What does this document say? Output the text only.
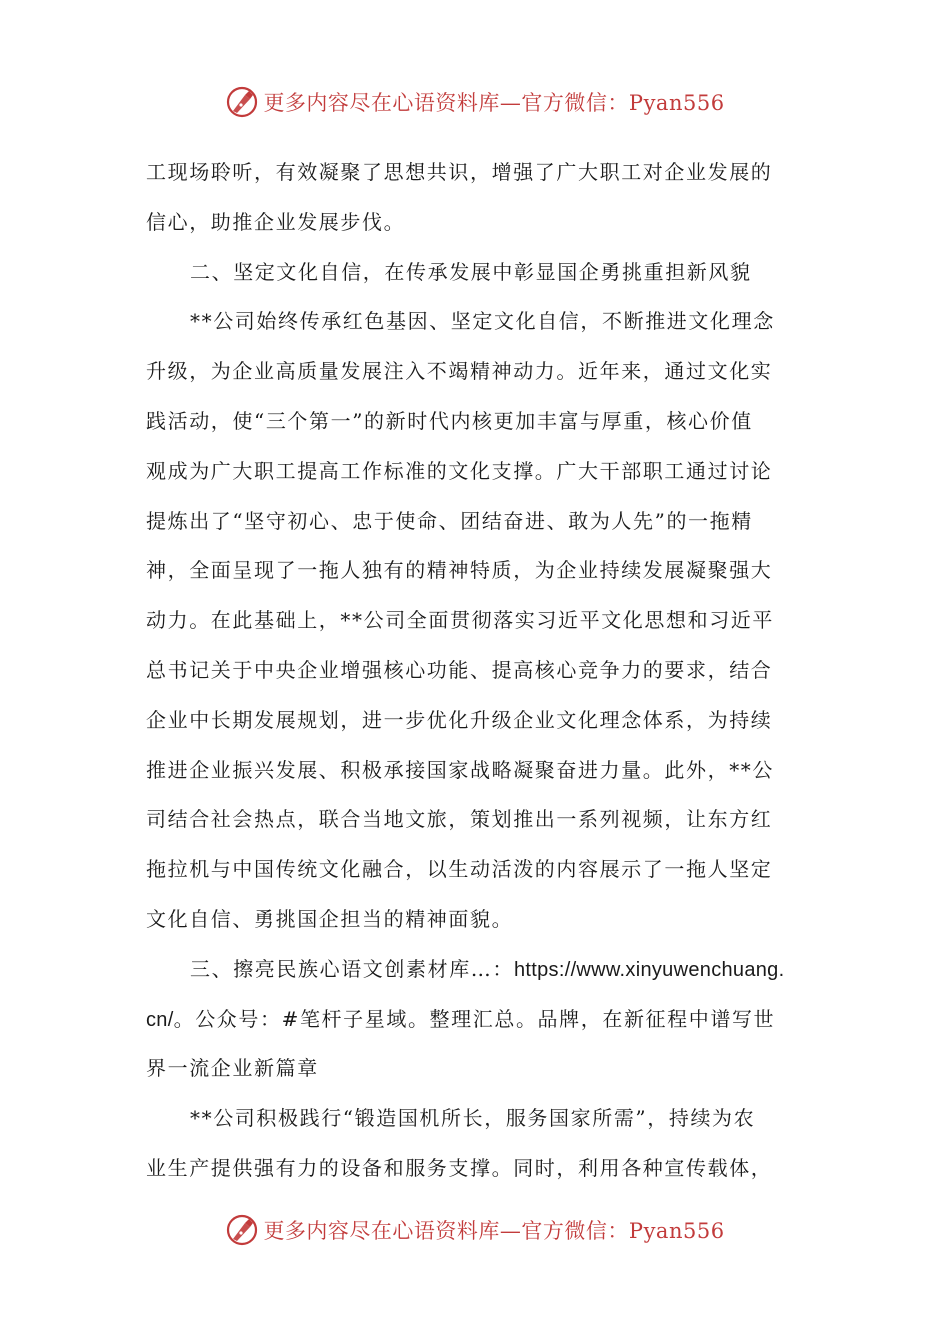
更多内容尽在心语资料库—官方微信：Pyan556
工现场聆听，有效凝聚了思想共识，增强了广大职工对企业发展的
信心，助推企业发展步伐。
二、坚定文化自信，在传承发展中彰显国企勇挑重担新风貌
**公司始终传承红色基因、坚定文化自信，不断推进文化理念
升级，为企业高质量发展注入不竭精神动力。近年来，通过文化实
践活动，使“三个第一”的新时代内核更加丰富与厚重，核心价值
观成为广大职工提高工作标准的文化支撑。广大干部职工通过讨论
提炼出了“坚守初心、忠于使命、团结奋进、敢为人先”的一拖精
神，全面呈现了一拖人独有的精神特质，为企业持续发展凝聚强大
动力。在此基础上，**公司全面贯彻落实习近平文化思想和习近平
总书记关于中央企业增强核心功能、提高核心竞争力的要求，结合
企业中长期发展规划，进一步优化升级企业文化理念体系，为持续
推进企业振兴发展、积极承接国家战略凝聚奋进力量。此外，**公
司结合社会热点，联合当地文旅，策划推出一系列视频，让东方红
拖拉机与中国传统文化融合，以生动活泼的内容展示了一拖人坚定
文化自信、勇挑国企担当的精神面貌。
三、擦亮民族心语文创素材库…：https://www.xinyuwenchuang.
cn/。公众号：#笔杆子星域。整理汇总。品牌，在新征程中谱写世
界一流企业新篇章
**公司积极践行“锻造国机所长，服务国家所需”，持续为农
业生产提供强有力的设备和服务支撑。同时，利用各种宣传载体，
更多内容尽在心语资料库—官方微信：Pyan556
